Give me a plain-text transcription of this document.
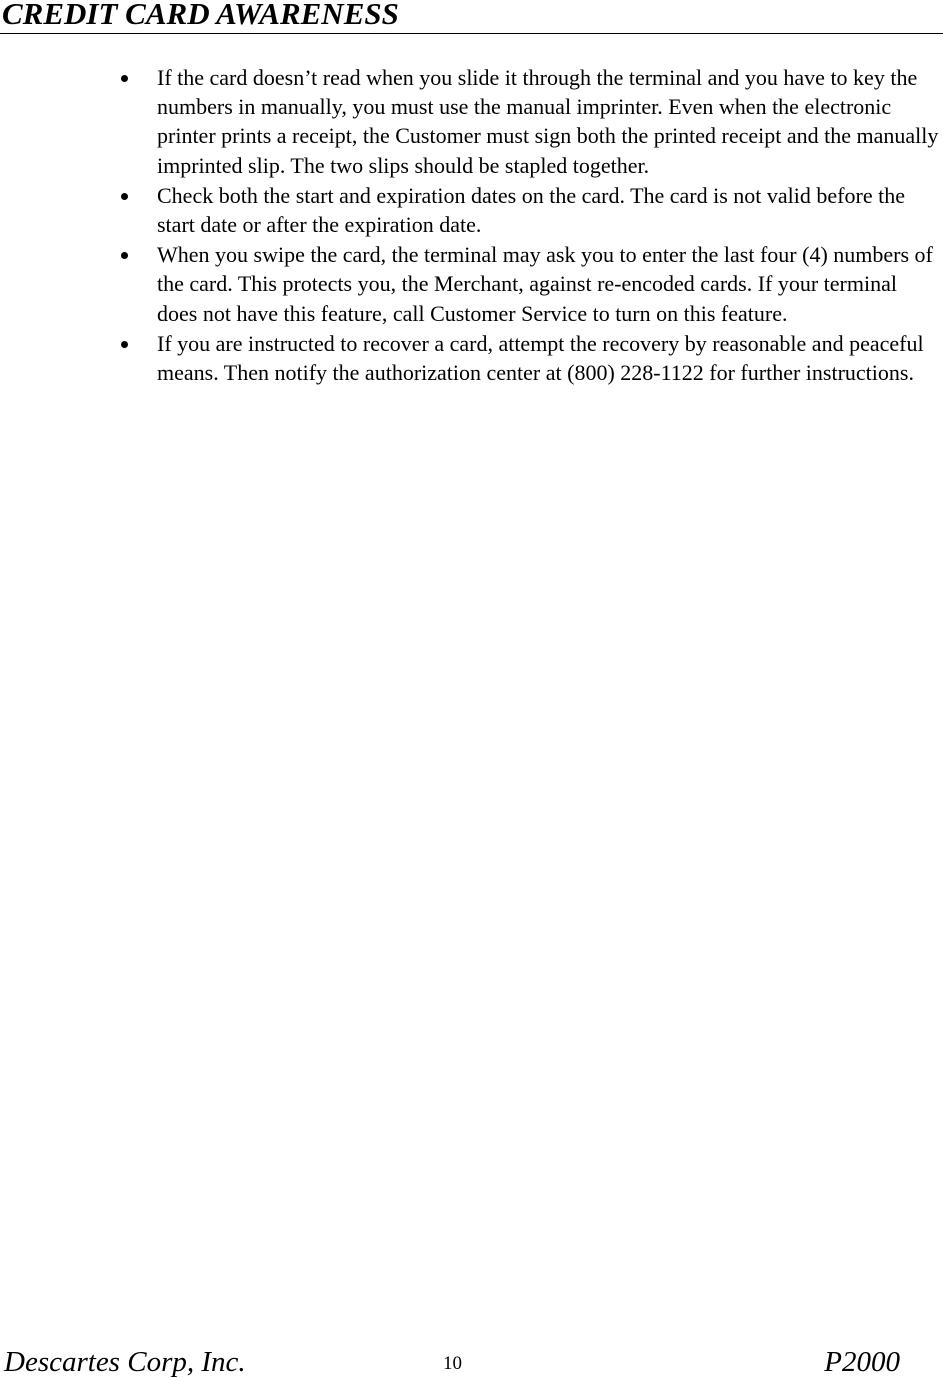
CREDIT CARD AWARENESS
If the card doesn’t read when you slide it through the terminal and you have to key the numbers in manually, you must use the manual imprinter. Even when the electronic printer prints a receipt, the Customer must sign both the printed receipt and the manually imprinted slip. The two slips should be stapled together.
Check both the start and expiration dates on the card. The card is not valid before the start date or after the expiration date.
When you swipe the card, the terminal may ask you to enter the last four (4) numbers of the card. This protects you, the Merchant, against re-encoded cards. If your terminal does not have this feature, call Customer Service to turn on this feature.
If you are instructed to recover a card, attempt the recovery by reasonable and peaceful means. Then notify the authorization center at (800) 228-1122 for further instructions.
Descartes Corp, Inc.	10	P2000
